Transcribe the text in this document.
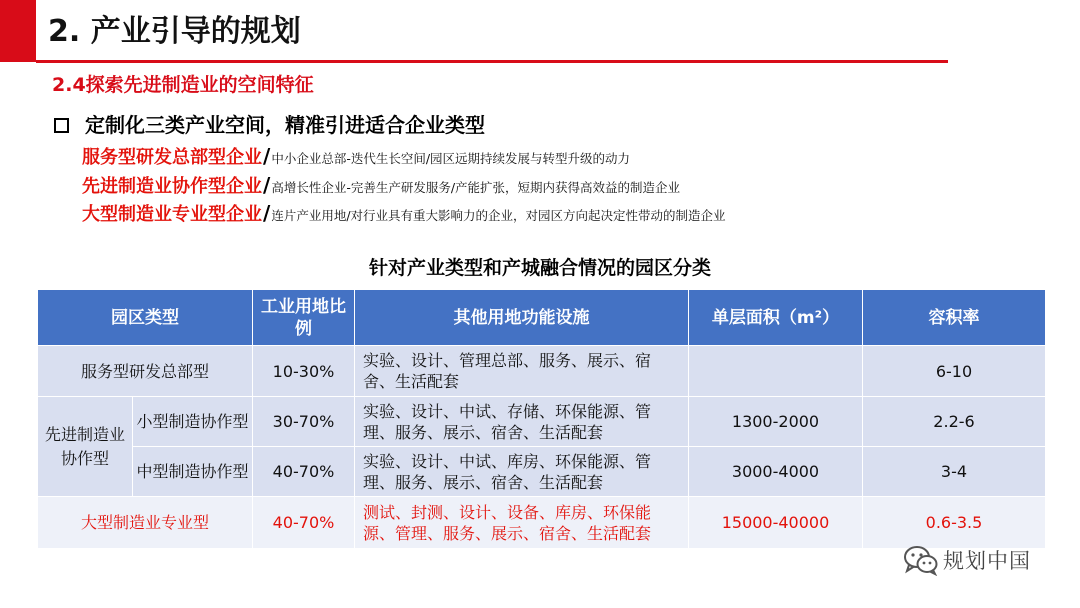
2. 产业引导的规划
2.4探索先进制造业的空间特征
定制化三类产业空间，精准引进适合企业类型
服务型研发总部型企业 / 中小企业总部-迭代生长空间/园区远期持续发展与转型升级的动力
先进制造业协作型企业 / 高增长性企业-完善生产研发服务/产能扩张，短期内获得高效益的制造企业
大型制造业专业型企业 / 连片产业用地/对行业具有重大影响力的企业，对园区方向起决定性带动的制造企业
针对产业类型和产城融合情况的园区分类
园区类型		工业用地比例	其他用地功能设施	单层面积（m²）	容积率
服务型研发总部型		10-30%	实验、设计、管理总部、服务、展示、宿舍、生活配套		6-10
先进制造业协作型	小型制造协作型	30-70%	实验、设计、中试、存储、环保能源、管理、服务、展示、宿舍、生活配套	1300-2000	2.2-6
	中型制造协作型	40-70%	实验、设计、中试、库房、环保能源、管理、服务、展示、宿舍、生活配套	3000-4000	3-4
大型制造业专业型		40-70%	测试、封测、设计、设备、库房、环保能源、管理、服务、展示、宿舍、生活配套	15000-40000	0.6-3.5
规划中国
